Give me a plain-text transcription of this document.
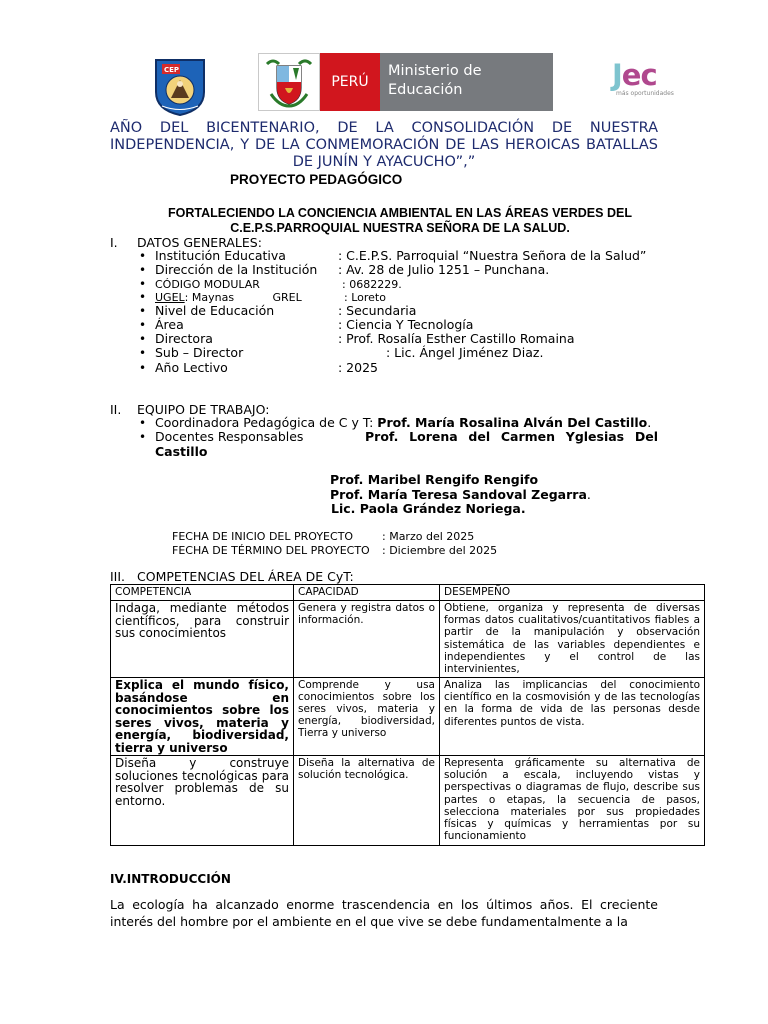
CEP
PERÚ
Ministerio de
Educación	Jec
más oportunidades
AÑO DEL BICENTENARIO, DE LA CONSOLIDACIÓN DE NUESTRA INDEPENDENCIA, Y DE LA CONMEMORACIÓN DE LAS HEROICAS BATALLAS DE JUNÍN Y AYACUCHO”,”
PROYECTO PEDAGÓGICO
FORTALECIENDO LA CONCIENCIA AMBIENTAL EN LAS ÁREAS VERDES DEL C.E.P.S.PARROQUIAL NUESTRA SEÑORA DE LA SALUD.
I. DATOS GENERALES:
• Institución Educativa	: C.E.P.S. Parroquial “Nuestra Señora de la Salud”
• Dirección de la Institución	: Av. 28 de Julio 1251 – Punchana.
• CÓDIGO MODULAR	: 0682229.
• UGEL: Maynas           GREL	: Loreto
• Nivel de Educación	: Secundaria
• Área	: Ciencia Y Tecnología
• Directora	: Prof. Rosalía Esther Castillo Romaina
• Sub – Director	: Lic. Ángel Jiménez Diaz.
• Año Lectivo	: 2025
II. EQUIPO DE TRABAJO:
• Coordinadora Pedagógica de C y T: Prof. María Rosalina Alván Del Castillo.
• Docentes Responsables	Prof. Lorena del Carmen Yglesias Del Castillo
Prof. Maribel Rengifo Rengifo
Prof. María Teresa Sandoval Zegarra.
Lic. Paola Grández Noriega.
FECHA DE INICIO DEL PROYECTO	: Marzo del 2025
FECHA DE TÉRMINO DEL PROYECTO	: Diciembre del 2025
III. COMPETENCIAS DEL ÁREA DE CyT:
COMPETENCIA	CAPACIDAD	DESEMPEÑO
Indaga, mediante métodos científicos, para construir sus conocimientos	Genera y registra datos o información.	Obtiene, organiza y representa de diversas formas datos cualitativos/cuantitativos fiables a partir de la manipulación y observación sistemática de las variables dependientes e independientes y el control de las intervinientes,
Explica el mundo físico, basándose en conocimientos sobre los seres vivos, materia y energía, biodiversidad, tierra y universo	Comprende y usa conocimientos sobre los seres vivos, materia y energía, biodiversidad, Tierra y universo	Analiza las implicancias del conocimiento científico en la cosmovisión y de las tecnologías en la forma de vida de las personas desde diferentes puntos de vista.
Diseña y construye soluciones tecnológicas para resolver problemas de su entorno.	Diseña la alternativa de solución tecnológica.	Representa gráficamente su alternativa de solución a escala, incluyendo vistas y perspectivas o diagramas de flujo, describe sus partes o etapas, la secuencia de pasos, selecciona materiales por sus propiedades físicas y químicas y herramientas por su funcionamiento
IV.INTRODUCCIÓN
La ecología ha alcanzado enorme trascendencia en los últimos años. El creciente interés del hombre por el ambiente en el que vive se debe fundamentalmente a la
